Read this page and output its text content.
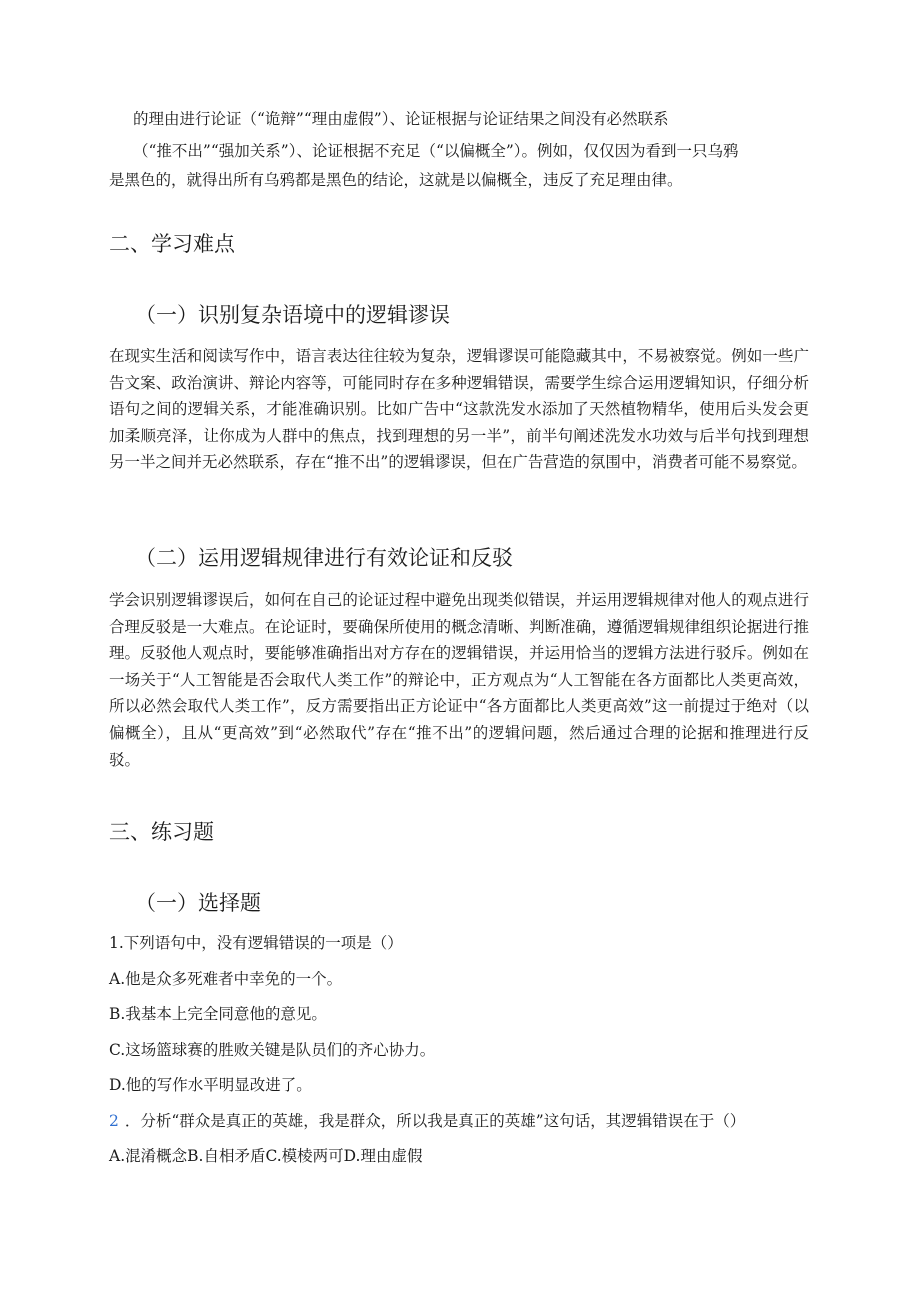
的理由进行论证（“诡辩”“理由虚假”）、论证根据与论证结果之间没有必然联系
（“推不出”“强加关系”）、论证根据不充足（“以偏概全”）。例如，仅仅因为看到一只乌鸦
是黑色的，就得出所有乌鸦都是黑色的结论，这就是以偏概全，违反了充足理由律。
二、学习难点
（一）识别复杂语境中的逻辑谬误
在现实生活和阅读写作中，语言表达往往较为复杂，逻辑谬误可能隐藏其中，不易被察觉。例如一些广告文案、政治演讲、辩论内容等，可能同时存在多种逻辑错误，需要学生综合运用逻辑知识，仔细分析语句之间的逻辑关系，才能准确识别。比如广告中“这款洗发水添加了天然植物精华，使用后头发会更加柔顺亮泽，让你成为人群中的焦点，找到理想的另一半”，前半句阐述洗发水功效与后半句找到理想另一半之间并无必然联系，存在“推不出”的逻辑谬误，但在广告营造的氛围中，消费者可能不易察觉。
（二）运用逻辑规律进行有效论证和反驳
学会识别逻辑谬误后，如何在自己的论证过程中避免出现类似错误，并运用逻辑规律对他人的观点进行合理反驳是一大难点。在论证时，要确保所使用的概念清晰、判断准确，遵循逻辑规律组织论据进行推理。反驳他人观点时，要能够准确指出对方存在的逻辑错误，并运用恰当的逻辑方法进行驳斥。例如在一场关于“人工智能是否会取代人类工作”的辩论中，正方观点为“人工智能在各方面都比人类更高效，所以必然会取代人类工作”，反方需要指出正方论证中“各方面都比人类更高效”这一前提过于绝对（以偏概全），且从“更高效”到“必然取代”存在“推不出”的逻辑问题，然后通过合理的论据和推理进行反驳。
三、练习题
（一）选择题
1.下列语句中，没有逻辑错误的一项是（）
A.他是众多死难者中幸免的一个。
B.我基本上完全同意他的意见。
C.这场篮球赛的胜败关键是队员们的齐心协力。
D.他的写作水平明显改进了。
2 ．分析“群众是真正的英雄，我是群众，所以我是真正的英雄”这句话，其逻辑错误在于（）
A.混淆概念B.自相矛盾C.模棱两可D.理由虚假
